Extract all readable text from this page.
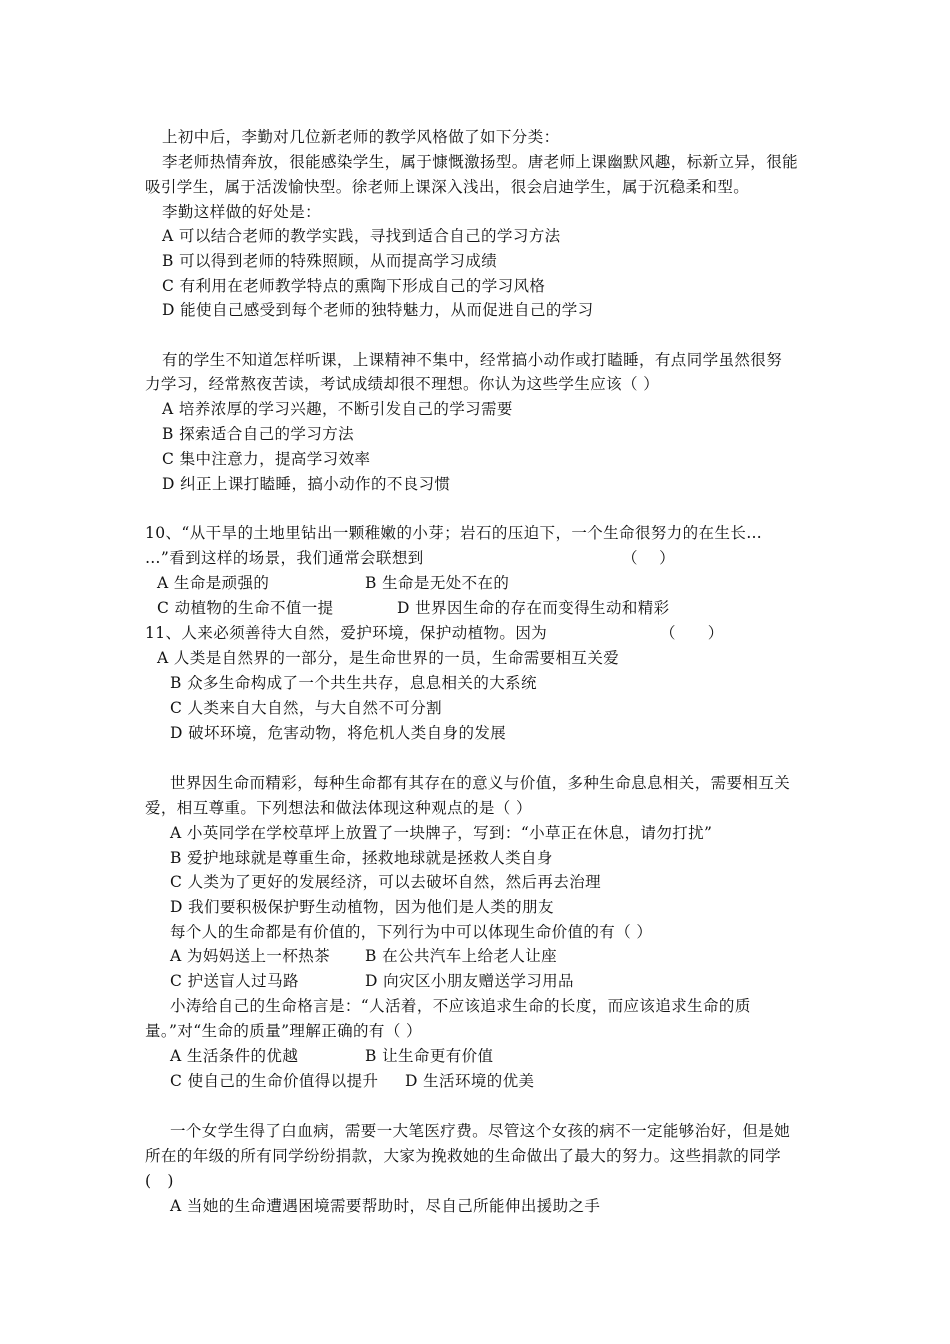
上初中后，李勤对几位新老师的教学风格做了如下分类：
李老师热情奔放，很能感染学生，属于慷慨激扬型。唐老师上课幽默风趣，标新立异，很能
吸引学生，属于活泼愉快型。徐老师上课深入浅出，很会启迪学生，属于沉稳柔和型。
李勤这样做的好处是：
A 可以结合老师的教学实践，寻找到适合自己的学习方法
B 可以得到老师的特殊照顾，从而提高学习成绩
C 有利用在老师教学特点的熏陶下形成自己的学习风格
D 能使自己感受到每个老师的独特魅力，从而促进自己的学习
有的学生不知道怎样听课，上课精神不集中，经常搞小动作或打瞌睡，有点同学虽然很努
力学习，经常熬夜苦读，考试成绩却很不理想。你认为这些学生应该（ ）
A 培养浓厚的学习兴趣，不断引发自己的学习需要
B 探索适合自己的学习方法
C 集中注意力，提高学习效率
D 纠正上课打瞌睡，搞小动作的不良习惯
10、“从干旱的土地里钻出一颗稚嫩的小芽；岩石的压迫下，一个生命很努力的在生长…
…”看到这样的场景，我们通常会联想到	（　 ）
A 生命是顽强的	B 生命是无处不在的
C 动植物的生命不值一提	D 世界因生命的存在而变得生动和精彩
11、人来必须善待大自然，爱护环境，保护动植物。因为	（　　）
A 人类是自然界的一部分，是生命世界的一员，生命需要相互关爱
B 众多生命构成了一个共生共存，息息相关的大系统
C 人类来自大自然，与大自然不可分割
D 破坏环境，危害动物，将危机人类自身的发展
世界因生命而精彩，每种生命都有其存在的意义与价值，多种生命息息相关，需要相互关
爱，相互尊重。下列想法和做法体现这种观点的是（ ）
A 小英同学在学校草坪上放置了一块牌子，写到：“小草正在休息，请勿打扰”
B 爱护地球就是尊重生命，拯救地球就是拯救人类自身
C 人类为了更好的发展经济，可以去破坏自然，然后再去治理
D 我们要积极保护野生动植物，因为他们是人类的朋友
每个人的生命都是有价值的，下列行为中可以体现生命价值的有（ ）
A 为妈妈送上一杯热茶 B 在公共汽车上给老人让座
C 护送盲人过马路	D 向灾区小朋友赠送学习用品
小涛给自己的生命格言是：“人活着，不应该追求生命的长度，而应该追求生命的质
量。”对“生命的质量”理解正确的有（ ）
A 生活条件的优越	B 让生命更有价值
C 使自己的生命价值得以提升 D 生活环境的优美
一个女学生得了白血病，需要一大笔医疗费。尽管这个女孩的病不一定能够治好，但是她
所在的年级的所有同学纷纷捐款，大家为挽救她的生命做出了最大的努力。这些捐款的同学
(　)
A 当她的生命遭遇困境需要帮助时，尽自己所能伸出援助之手
